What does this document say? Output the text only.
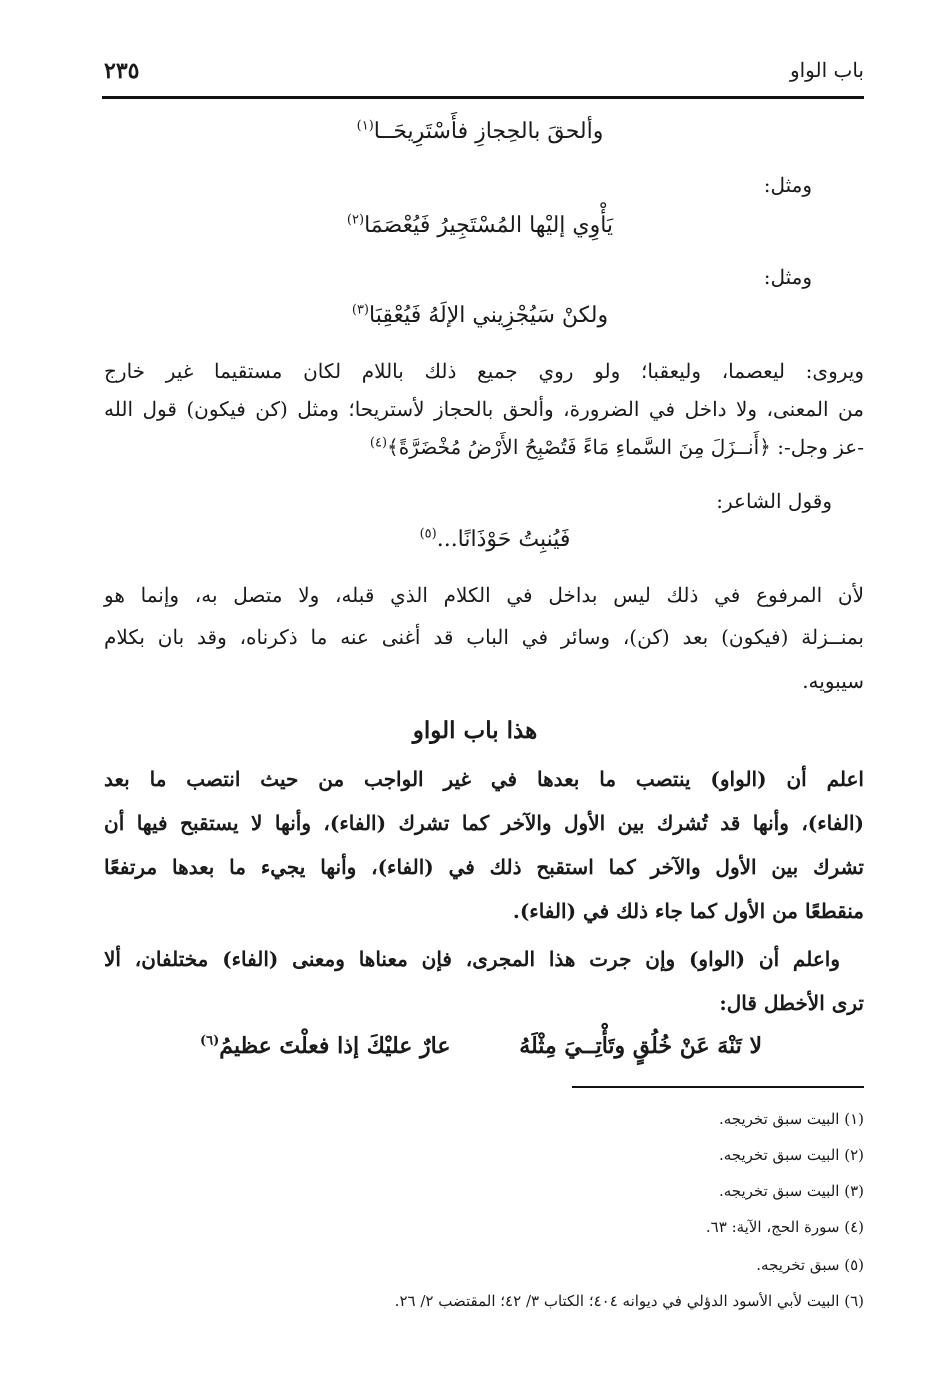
باب الواو
٢٣٥
وألحقَ بالحِجازِ فأَسْتَرِيحَــا$^{(١)}$
ومثل:
يَأْوِي إليْها المُسْتَجِيرُ فَيُعْصَمَا$^{(٢)}$
ومثل:
ولكنْ سَيُجْزِيني الإلَهُ فَيُعْقِبَا$^{(٣)}$
ويروى: ليعصما، وليعقبا؛ ولو روي جميع ذلك باللام لكان مستقيما غير خارج
من المعنى، ولا داخل في الضرورة، وألحق بالحجاز لأستريحا؛ ومثل (كن فيكون) قول الله
-عز وجل-: ﴿أَنــزَلَ مِنَ السَّماءِ مَاءً فَتُصْبِحُ الأَرْضُ مُخْضَرَّةً﴾$^{(٤)}$
وقول الشاعر:
فَيُنبِتُ حَوْذَانًا...$^{(٥)}$
لأن المرفوع في ذلك ليس بداخل في الكلام الذي قبله، ولا متصل به، وإنما هو
بمنــزلة (فيكون) بعد (كن)، وسائر في الباب قد أغنى عنه ما ذكرناه، وقد بان بكلام
سيبويه.
هذا باب الواو
اعلم أن (الواو) ينتصب ما بعدها في غير الواجب من حيث انتصب ما بعد
(الفاء)، وأنها قد تُشرك بين الأول والآخر كما تشرك (الفاء)، وأنها لا يستقبح فيها أن
تشرك بين الأول والآخر كما استقبح ذلك في (الفاء)، وأنها يجيء ما بعدها مرتفعًا
منقطعًا من الأول كما جاء ذلك في (الفاء).
واعلم أن (الواو) وإن جرت هذا المجرى، فإن معناها ومعنى (الفاء) مختلفان، ألا
ترى الأخطل قال:
لا تَنْهَ عَنْ خُلُقٍ وتَأْتِــيَ مِثْلَهُ
عارٌ عليْكَ إذا فعلْتَ عظيمُ$^{(٦)}$
(١) البيت سبق تخريجه.
(٢) البيت سبق تخريجه.
(٣) البيت سبق تخريجه.
(٤) سورة الحج، الآية: ٦٣.
(٥) سبق تخريجه.
(٦) البيت لأبي الأسود الدؤلي في ديوانه ٤٠٤؛ الكتاب ٣/ ٤٢؛ المقتضب ٢/ ٢٦.
